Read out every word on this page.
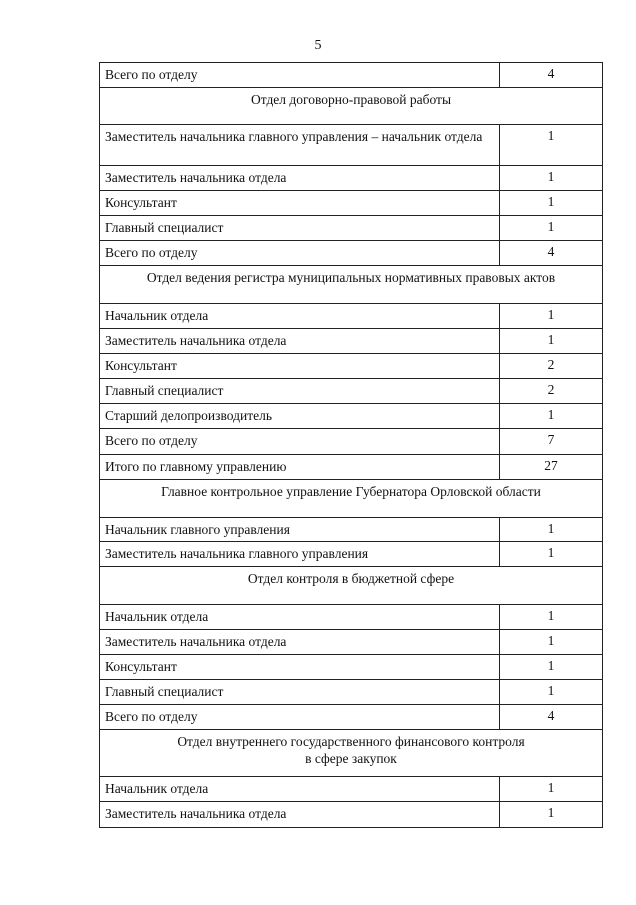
5
Всего по отделу	4
Отдел договорно-правовой работы	
Заместитель начальника главного управления – начальник отдела	1
Заместитель начальника отдела	1
Консультант	1
Главный специалист	1
Всего по отделу	4
Отдел ведения регистра муниципальных нормативных правовых актов	
Начальник отдела	1
Заместитель начальника отдела	1
Консультант	2
Главный специалист	2
Старший делопроизводитель	1
Всего по отделу	7
Итого по главному управлению	27
Главное контрольное управление Губернатора Орловской области	
Начальник главного управления	1
Заместитель начальника главного управления	1
Отдел контроля в бюджетной сфере	
Начальник отдела	1
Заместитель начальника отдела	1
Консультант	1
Главный специалист	1
Всего по отделу	4
Отдел внутреннего государственного финансового контроля
в сфере закупок	
Начальник отдела	1
Заместитель начальника отдела	1
